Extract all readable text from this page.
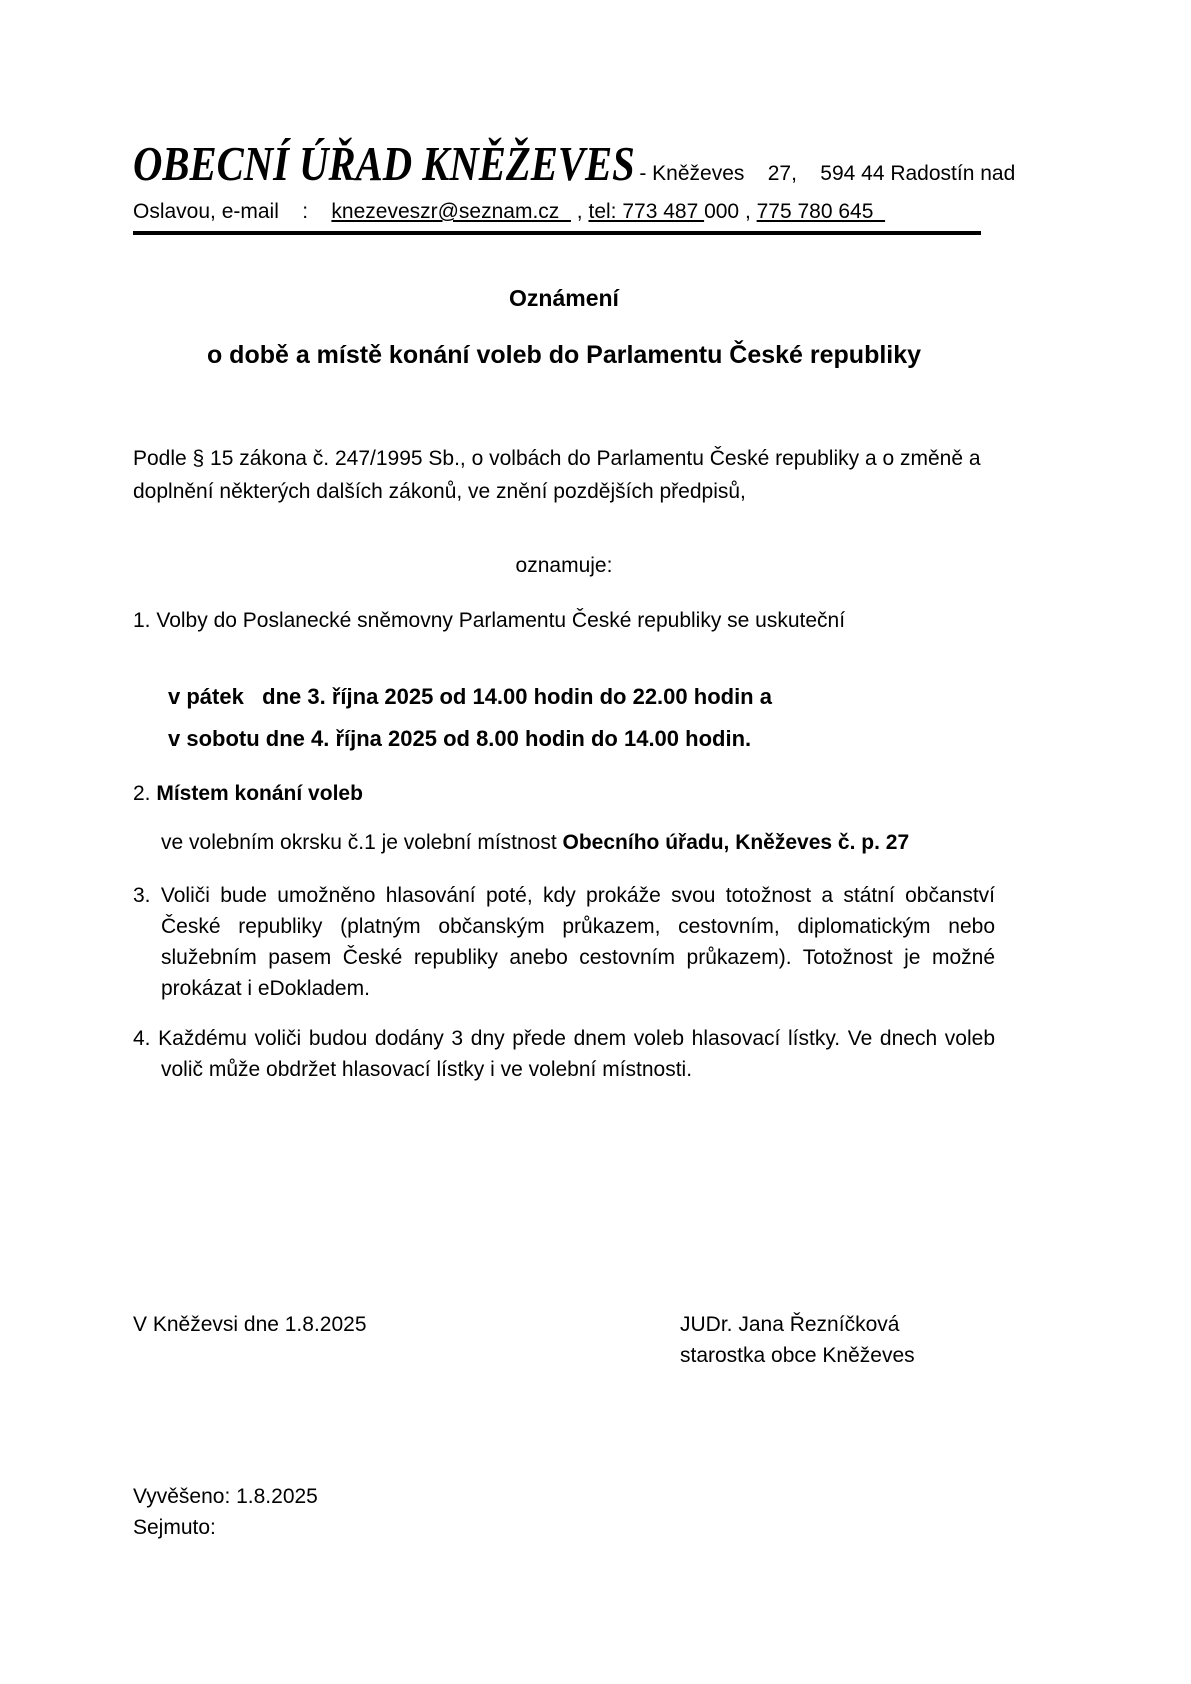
OBECNÍ ÚŘAD KNĚŽEVES
- Kněževes    27,    594 44 Radostín nad
Oslavou, e-mail    :    knezeveszr@seznam.cz   , tel: 773 487 000 , 775 780 645
Oznámení
o době a místě konání voleb do Parlamentu České republiky

Podle § 15 zákona č. 247/1995 Sb., o volbách do Parlamentu České republiky a o změně a doplnění některých dalších zákonů, ve znění pozdějších předpisů,

oznamuje:

1. Volby do Poslanecké sněmovny Parlamentu České republiky se uskuteční

v pátek   dne 3. října 2025 od 14.00 hodin do 22.00 hodin a
v sobotu dne 4. října 2025 od 8.00 hodin do 14.00 hodin.

2. Místem konání voleb

ve volebním okrsku č.1 je volební místnost Obecního úřadu, Kněževes č. p. 27

3. Voliči bude umožněno hlasování poté, kdy prokáže svou totožnost a státní občanství České republiky (platným občanským průkazem, cestovním, diplomatickým nebo služebním pasem České republiky anebo cestovním průkazem). Totožnost je možné prokázat i eDokladem.

4. Každému voliči budou dodány 3 dny přede dnem voleb hlasovací lístky. Ve dnech voleb volič může obdržet hlasovací lístky i ve volební místnosti.

V Kněževsi dne 1.8.2025	JUDr. Jana Řezníčková
starostka obce Kněževes
Vyvěšeno: 1.8.2025
Sejmuto:
